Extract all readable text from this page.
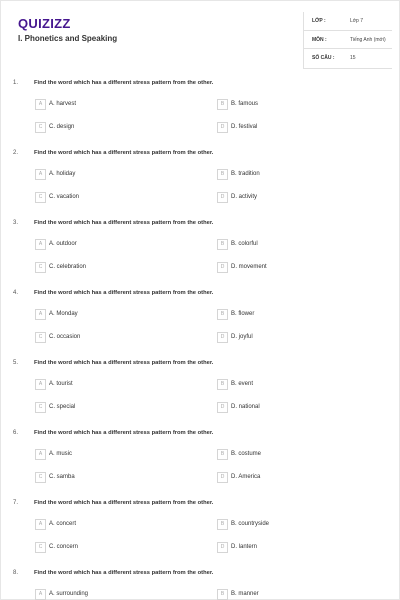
QUIZIZZ
I. Phonetics and Speaking
LỚP :	Lớp 7
MÔN :	Tiếng Anh (mới)
SỐ CÂU :	15
1.	Find the word which has a different stress pattern from the other.
A	A. harvest	B	B. famous
C	C. design	D	D. festival
2.	Find the word which has a different stress pattern from the other.
A	A. holiday	B	B. tradition
C	C. vacation	D	D. activity
3.	Find the word which has a different stress pattern from the other.
A	A. outdoor	B	B. colorful
C	C. celebration	D	D. movement
4.	Find the word which has a different stress pattern from the other.
A	A. Monday	B	B. flower
C	C. occasion	D	D. joyful
5.	Find the word which has a different stress pattern from the other.
A	A. tourist	B	B. event
C	C. special	D	D. national
6.	Find the word which has a different stress pattern from the other.
A	A. music	B	B. costume
C	C. samba	D	D. America
7.	Find the word which has a different stress pattern from the other.
A	A. concert	B	B. countryside
C	C. concern	D	D. lantern
8.	Find the word which has a different stress pattern from the other.
A	A. surrounding	B	B. manner
